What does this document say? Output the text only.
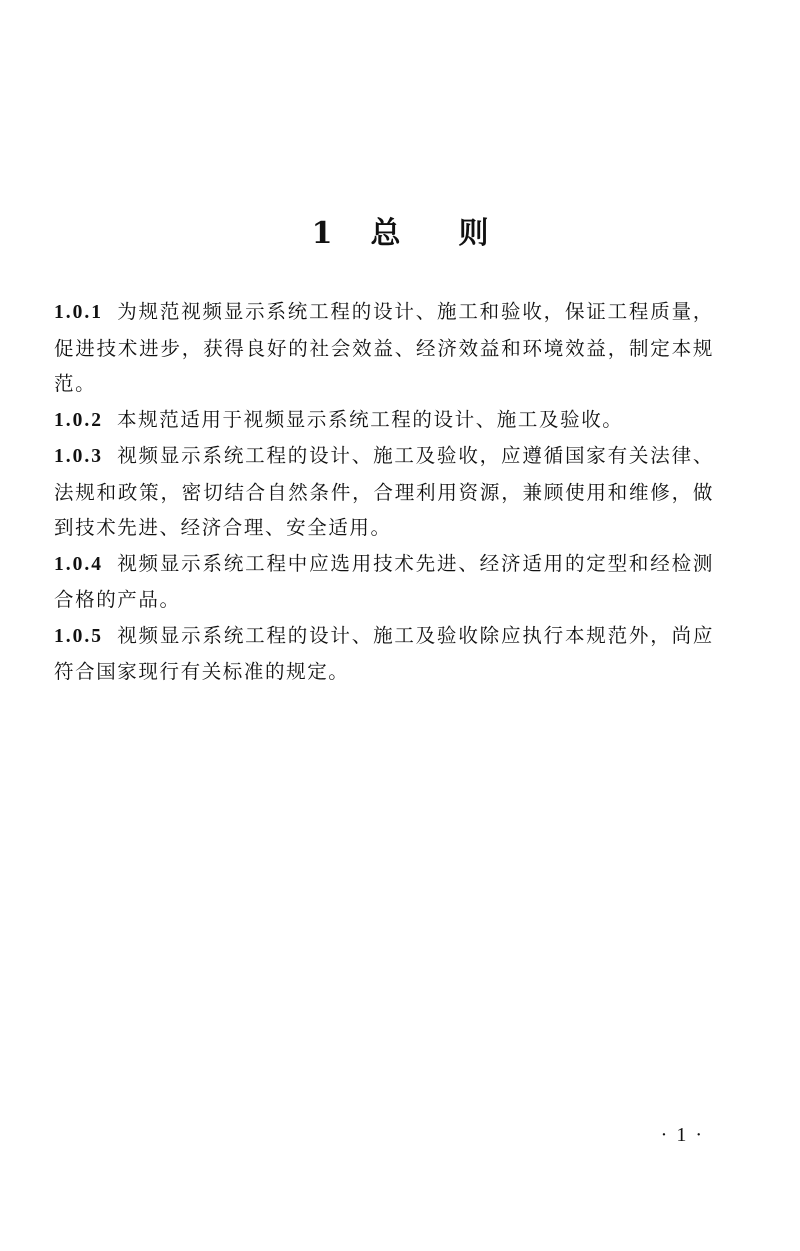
1 总 则

1.0.1 为规范视频显示系统工程的设计、施工和验收，保证工程质量，促进技术进步，获得良好的社会效益、经济效益和环境效益，制定本规范。

1.0.2 本规范适用于视频显示系统工程的设计、施工及验收。

1.0.3 视频显示系统工程的设计、施工及验收，应遵循国家有关法律、法规和政策，密切结合自然条件，合理利用资源，兼顾使用和维修，做到技术先进、经济合理、安全适用。

1.0.4 视频显示系统工程中应选用技术先进、经济适用的定型和经检测合格的产品。

1.0.5 视频显示系统工程的设计、施工及验收除应执行本规范外，尚应符合国家现行有关标准的规定。

· 1 ·
